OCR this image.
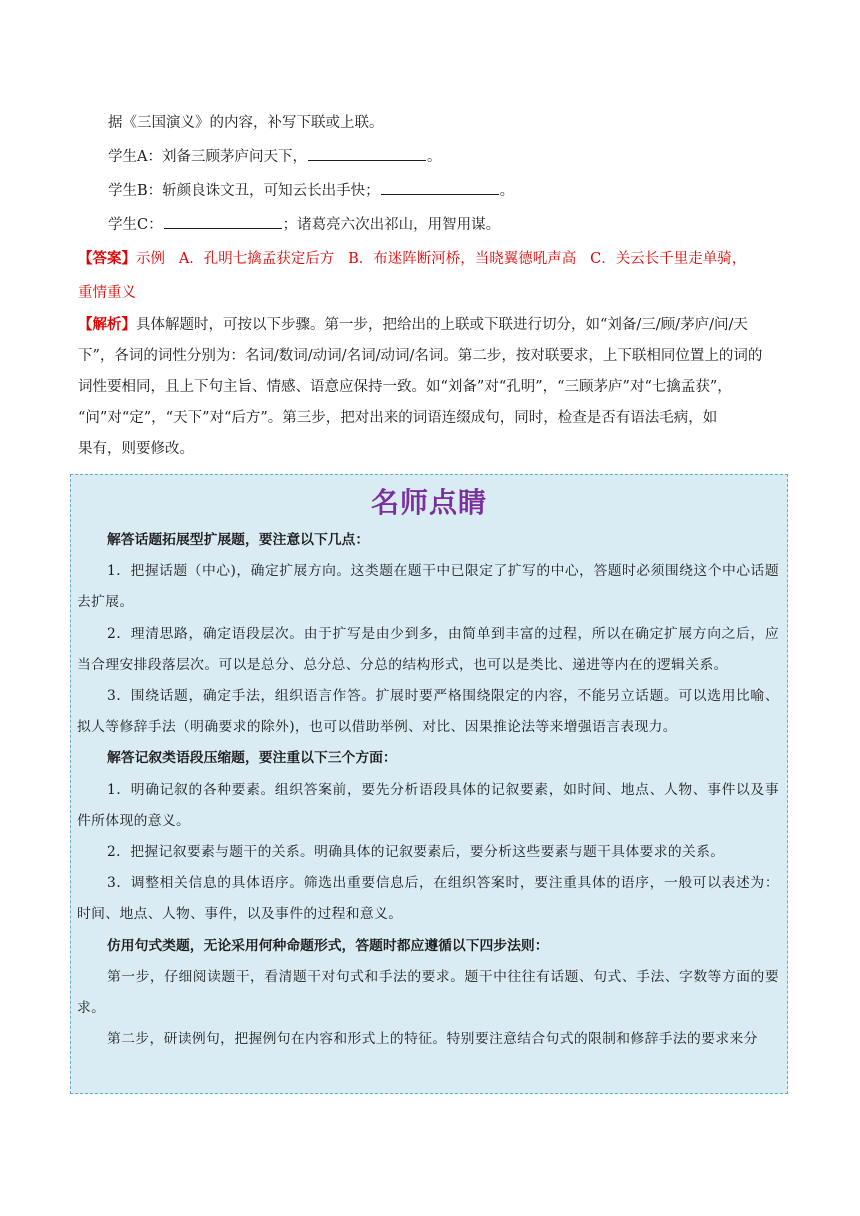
据《三国演义》的内容，补写下联或上联。

学生A：刘备三顾茅庐问天下，	。

学生B：斩颜良诛文丑，可知云长出手快；	。

学生C：	；诸葛亮六次出祁山，用智用谋。

【答案】示例   A．孔明七擒孟获定后方   B．布迷阵断河桥，当晓翼德吼声高   C．关云长千里走单骑，

重情重义

【解析】具体解题时，可按以下步骤。第一步，把给出的上联或下联进行切分，如“刘备/三/顾/茅庐/问/天

下”，各词的词性分别为：名词/数词/动词/名词/动词/名词。第二步，按对联要求，上下联相同位置上的词的

词性要相同，且上下句主旨、情感、语意应保持一致。如“刘备”对“孔明”，“三顾茅庐”对“七擒孟获”，

“问”对“定”，“天下”对“后方”。第三步，把对出来的词语连缀成句，同时，检查是否有语法毛病，如

果有，则要修改。

名师点睛

解答话题拓展型扩展题，要注意以下几点：

1．把握话题（中心)，确定扩展方向。这类题在题干中已限定了扩写的中心，答题时必须围绕这个中心话题去扩展。

2．理清思路，确定语段层次。由于扩写是由少到多，由简单到丰富的过程，所以在确定扩展方向之后，应当合理安排段落层次。可以是总分、总分总、分总的结构形式，也可以是类比、递进等内在的逻辑关系。

3．围绕话题，确定手法，组织语言作答。扩展时要严格围绕限定的内容，不能另立话题。可以选用比喻、拟人等修辞手法（明确要求的除外)，也可以借助举例、对比、因果推论法等来增强语言表现力。

解答记叙类语段压缩题，要注重以下三个方面：

1．明确记叙的各种要素。组织答案前，要先分析语段具体的记叙要素，如时间、地点、人物、事件以及事件所体现的意义。

2．把握记叙要素与题干的关系。明确具体的记叙要素后，要分析这些要素与题干具体要求的关系。

3．调整相关信息的具体语序。筛选出重要信息后，在组织答案时，要注重具体的语序，一般可以表述为：时间、地点、人物、事件，以及事件的过程和意义。

仿用句式类题，无论采用何种命题形式，答题时都应遵循以下四步法则：

第一步，仔细阅读题干，看清题干对句式和手法的要求。题干中往往有话题、句式、手法、字数等方面的要求。

第二步，研读例句，把握例句在内容和形式上的特征。特别要注意结合句式的限制和修辞手法的要求来分
